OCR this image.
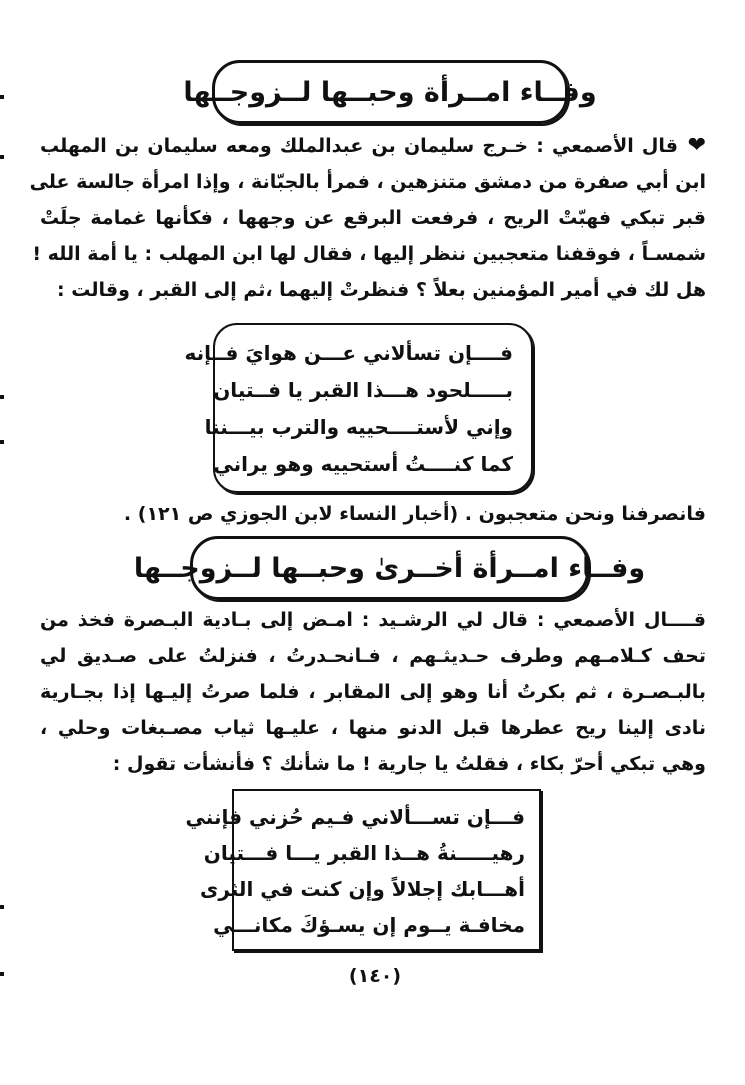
وفــاء امــرأة وحبــها لــزوجــها
❤قال الأصمعي : خـرج سليمان بن عبدالملك ومعه سليمان بن المهلب
ابن أبي صفرة من دمشق متنزهين ، فمرأ بالجبّانة ، وإذا امرأة جالسة على
قبر تبكي فهبّتْ الريح ، فرفعت البرقع عن وجهها ، فكأنها غمامة جلَتْ
شمسـاً ، فوقفنا متعجبين ننظر إليها ، فقال لها ابن المهلب : يا أمة الله !
هل لك في أمير المؤمنين بعلاً ؟ فنظرتْ إليهما ،ثم إلى القبر ، وقالت :
فــــإن تسألاني عـــن هوايَ فــإنه
بـــــلحود هـــذا القبر يا فــتيان
وإني لأستــــحييه والترب بيـــننا
كما كنــــتُ أستحييه وهو يراني
فانصرفنا ونحن متعجبون . (أخبار النساء لابن الجوزي ص ١٢١) .
وفــاء امــرأة أخــرىٰ وحبــها لــزوجــها
قــــال الأصمعي : قال لي الرشـيد : امـض إلى بـادية البـصرة فخذ من
تحف كـلامـهم وطرف حـديثـهم ، فـانحـدرتُ ، فنزلتُ على صـديق لي
بالبـصـرة ، ثم بكرتُ أنا وهو إلى المقابر ، فلما صرتُ إليـها إذا بجـارية
نادى إلينا ريح عطرها قبل الدنو منها ، عليـها ثياب مصـبغات وحلي ،
وهي تبكي أحرّ بكاء ، فقلتُ يا جارية ! ما شأنك ؟ فأنشأت تقول :
فـــإن تســـألاني فـيم حُزني فإنني
رهيـــــنةُ هــذا القبر يـــا فـــتيان
أهـــابك إجلالاً وإن كنت في الثرى
مخافـة يــوم إن يسـؤكَ مكانـــي
(١٤٠)
